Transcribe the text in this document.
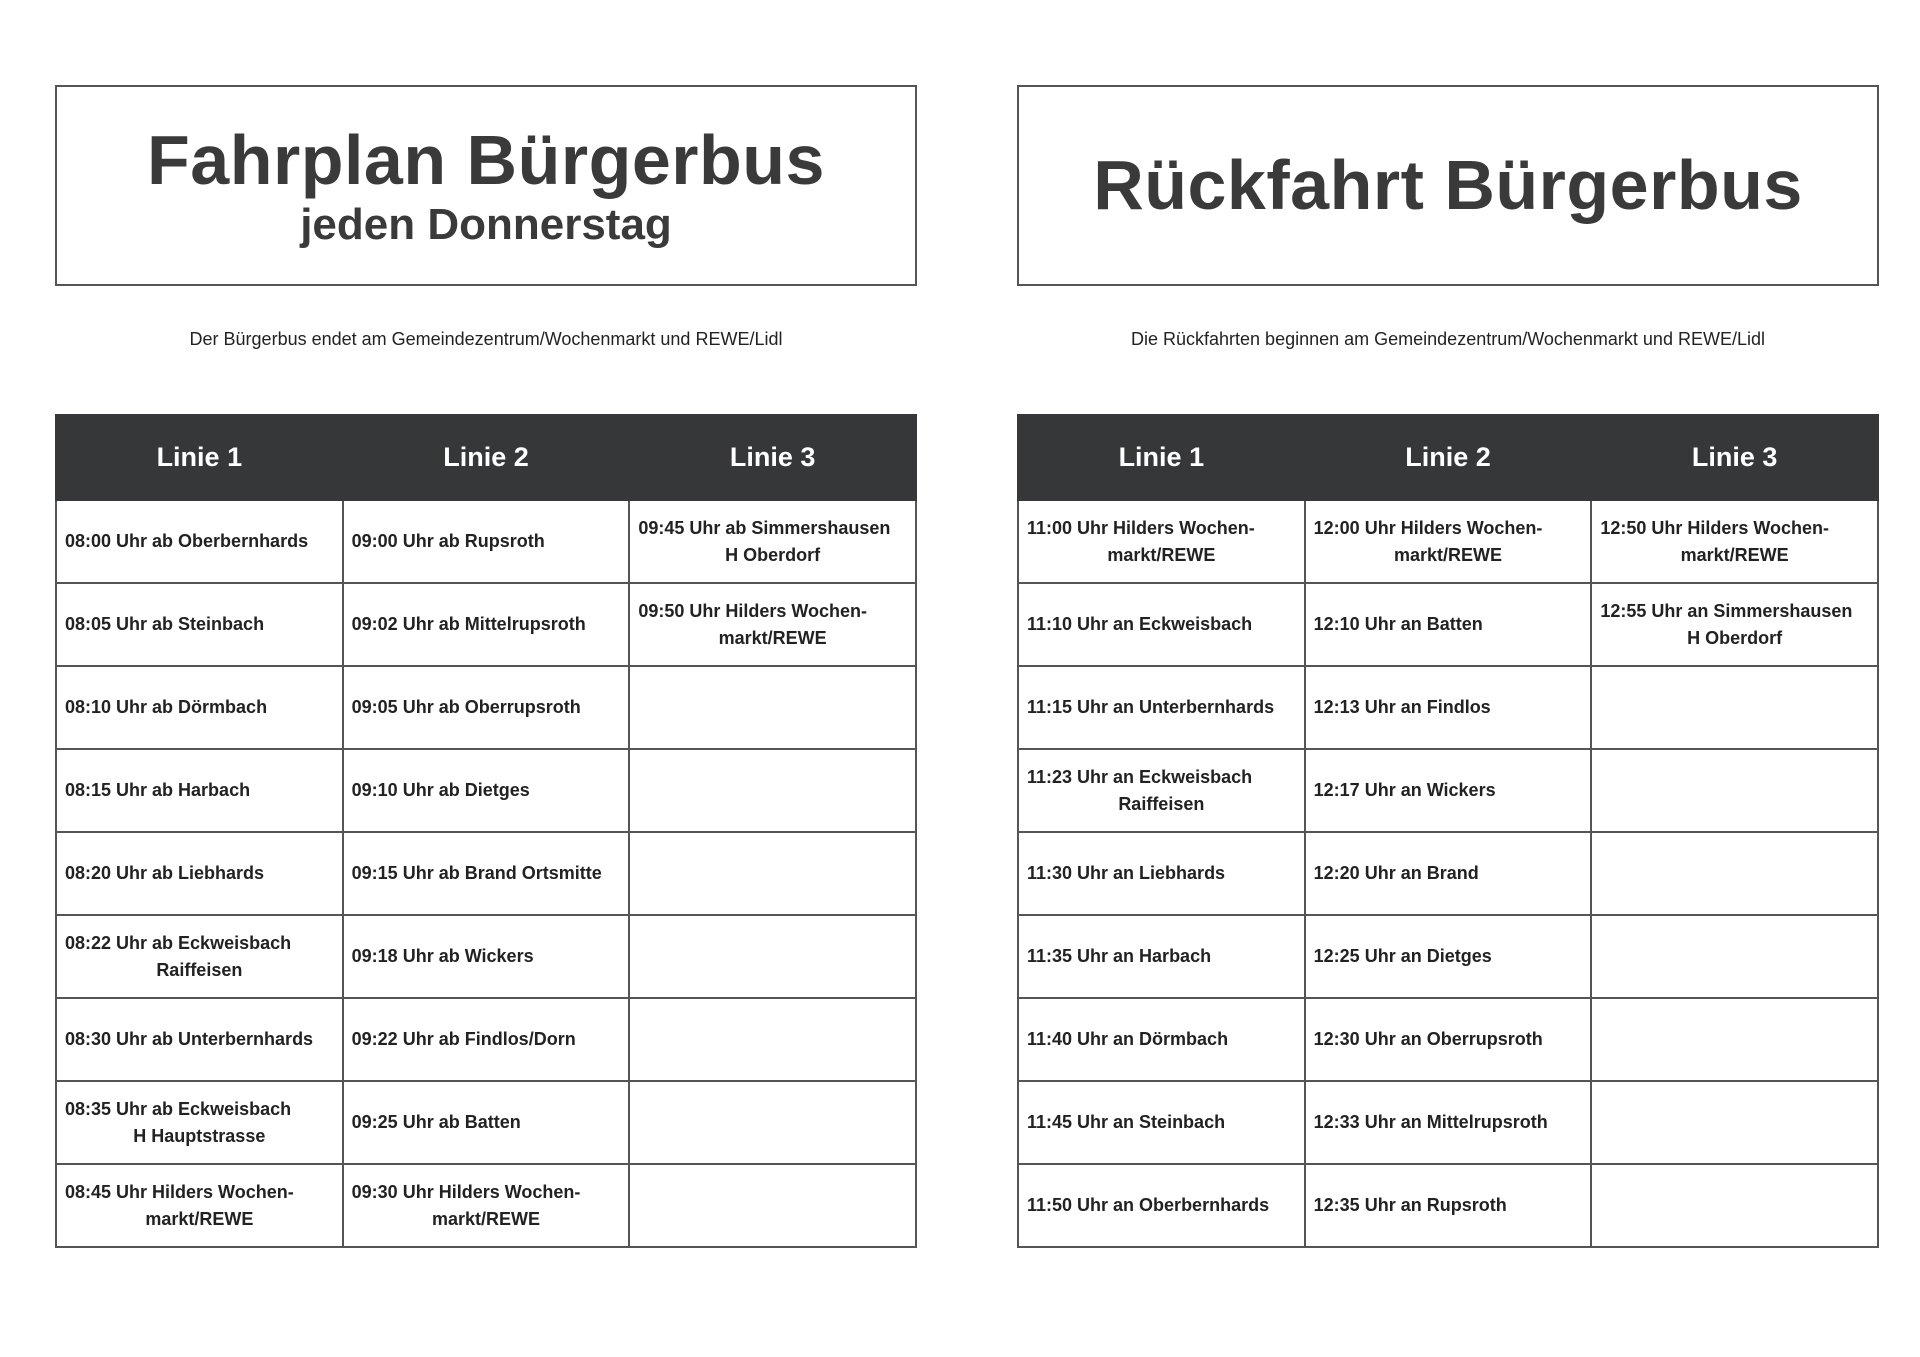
Fahrplan Bürgerbus
jeden Donnerstag
Der Bürgerbus endet am Gemeindezentrum/Wochenmarkt und REWE/Lidl
Linie 1	Linie 2	Linie 3

08:00 Uhr ab Oberbernhards	09:00 Uhr ab Rupsroth	09:45 Uhr ab Simmershausen
H Oberdorf

08:05 Uhr ab Steinbach	09:02 Uhr ab Mittelrupsroth	09:50 Uhr Hilders Wochen-
markt/REWE

08:10 Uhr ab Dörmbach	09:05 Uhr ab Oberrupsroth	

08:15 Uhr ab Harbach	09:10 Uhr ab Dietges	

08:20 Uhr ab Liebhards	09:15 Uhr ab Brand Ortsmitte	

08:22 Uhr ab Eckweisbach
Raiffeisen	09:18 Uhr ab Wickers	

08:30 Uhr ab Unterbernhards	09:22 Uhr ab Findlos/Dorn	

08:35 Uhr ab Eckweisbach
H Hauptstrasse	09:25 Uhr ab Batten	

08:45 Uhr Hilders Wochen-
markt/REWE	09:30 Uhr Hilders Wochen-
markt/REWE	

Rückfahrt Bürgerbus
Die Rückfahrten beginnen am Gemeindezentrum/Wochenmarkt und REWE/Lidl
Linie 1	Linie 2	Linie 3

11:00 Uhr Hilders Wochen-
markt/REWE	12:00 Uhr Hilders Wochen-
markt/REWE	12:50 Uhr Hilders Wochen-
markt/REWE

11:10 Uhr an Eckweisbach	12:10 Uhr an Batten	12:55 Uhr an Simmershausen
H Oberdorf

11:15 Uhr an Unterbernhards	12:13 Uhr an Findlos	

11:23 Uhr an Eckweisbach
Raiffeisen	12:17 Uhr an Wickers	

11:30 Uhr an Liebhards	12:20 Uhr an Brand	

11:35 Uhr an Harbach	12:25 Uhr an Dietges	

11:40 Uhr an Dörmbach	12:30 Uhr an Oberrupsroth	

11:45 Uhr an Steinbach	12:33 Uhr an Mittelrupsroth	

11:50 Uhr an Oberbernhards	12:35 Uhr an Rupsroth	
